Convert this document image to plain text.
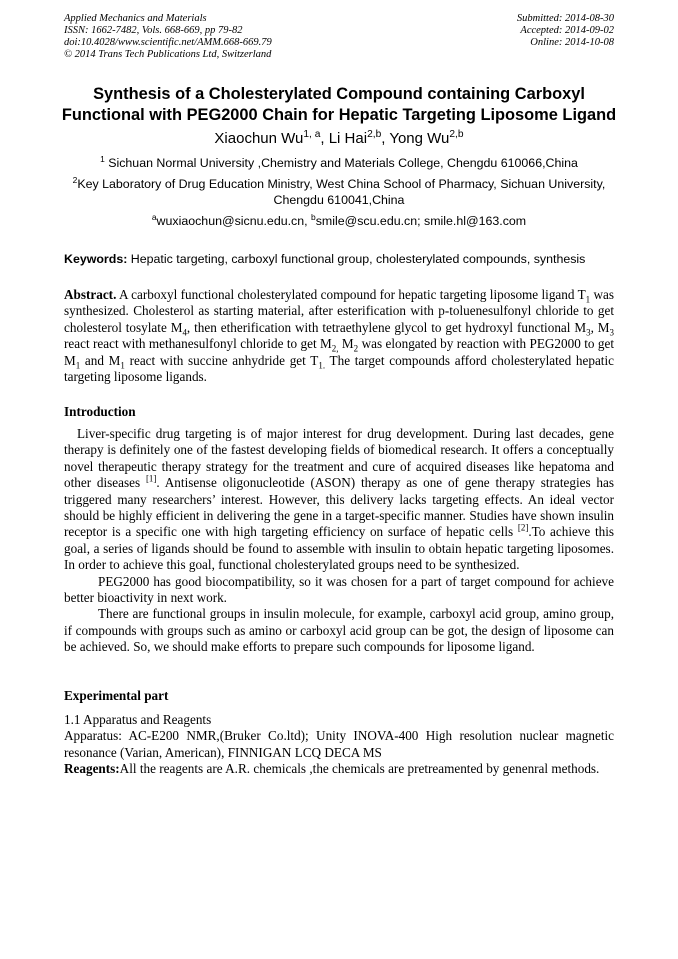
Applied Mechanics and Materials
ISSN: 1662-7482, Vols. 668-669, pp 79-82
doi:10.4028/www.scientific.net/AMM.668-669.79
© 2014 Trans Tech Publications Ltd, Switzerland
Submitted: 2014-08-30
Accepted: 2014-09-02
Online: 2014-10-08
Synthesis of a Cholesterylated Compound containing Carboxyl
Functional with PEG2000 Chain for Hepatic Targeting Liposome Ligand
Xiaochun Wu$^{1, a}$, Li Hai$^{2,b}$, Yong Wu$^{2,b}$
$^1$ Sichuan Normal University ,Chemistry and Materials College, Chengdu 610066,China
$^2$Key Laboratory of Drug Education Ministry, West China School of Pharmacy, Sichuan University, Chengdu 610041,China
$^a$wuxiaochun@sicnu.edu.cn, $^b$smile@scu.edu.cn; smile.hl@163.com
Keywords: Hepatic targeting, carboxyl functional group, cholesterylated compounds, synthesis
Abstract. A carboxyl functional cholesterylated compound for hepatic targeting liposome ligand $T_1$ was synthesized. Cholesterol as starting material, after esterification with p-toluenesulfonyl chloride to get cholesterol tosylate $M_4$, then etherification with tetraethylene glycol to get hydroxyl functional $M_3$, $M_3$ react react with methanesulfonyl chloride to get $M_{2,}$ $M_2$ was elongated by reaction with PEG2000 to get $M_1$ and $M_1$ react with succine anhydride get $T_{1.}$ The target compounds afford cholesterylated hepatic targeting liposome ligands.
Introduction

Liver-specific drug targeting is of major interest for drug development. During last decades, gene therapy is definitely one of the fastest developing fields of biomedical research. It offers a conceptually novel therapeutic therapy strategy for the treatment and cure of acquired diseases like hepatoma and other diseases [1]. Antisense oligonucleotide (ASON) therapy as one of gene therapy strategies has triggered many researchers’ interest. However, this delivery lacks targeting effects. An ideal vector should be highly efficient in delivering the gene in a target-specific manner. Studies have shown insulin receptor is a specific one with high targeting efficiency on surface of hepatic cells [2].To achieve this goal, a series of ligands should be found to assemble with insulin to obtain hepatic targeting liposomes. In order to achieve this goal, functional cholesterylated groups need to be synthesized.

PEG2000 has good biocompatibility, so it was chosen for a part of target compound for achieve better bioactivity in next work.

There are functional groups in insulin molecule, for example, carboxyl acid group, amino group, if compounds with groups such as amino or carboxyl acid group can be got, the design of liposome can be achieved. So, we should make efforts to prepare such compounds for liposome ligand.

Experimental part

1.1 Apparatus and Reagents

Apparatus: AC-E200 NMR,(Bruker Co.ltd); Unity INOVA-400 High resolution nuclear magnetic resonance (Varian, American), FINNIGAN LCQ DECA MS

Reagents:All the reagents are A.R. chemicals ,the chemicals are pretreamented by genenral methods.
